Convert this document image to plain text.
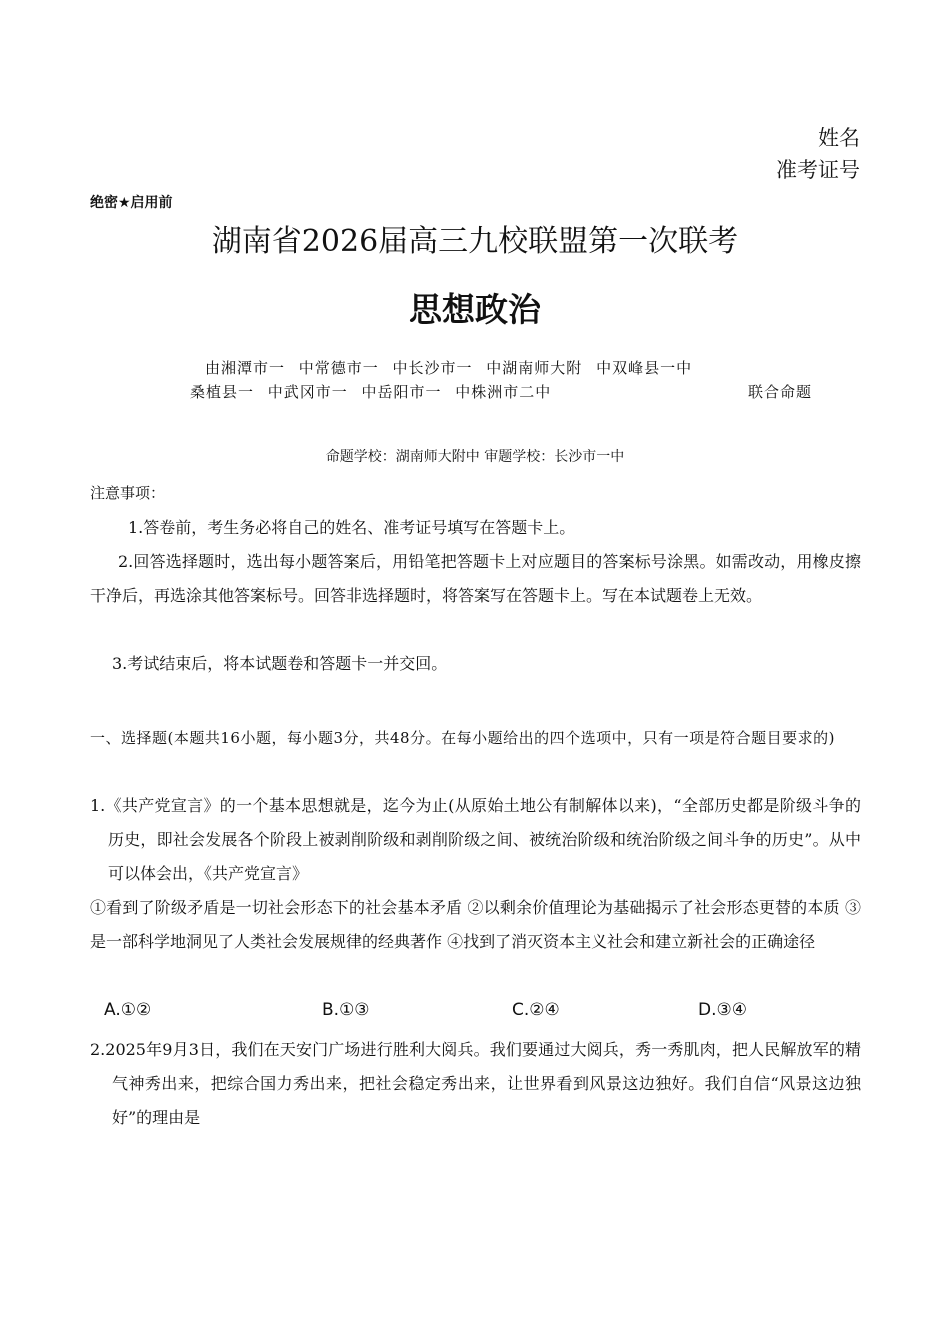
姓名
准考证号
绝密★启用前
湖南省2026届高三九校联盟第一次联考
思想政治
由湘潭市一 中常德市一 中长沙市一 中湖南师大附 中双峰县一中
桑植县一 中武冈市一 中岳阳市一 中株洲市二中	联合命题
命题学校：湖南师大附中 审题学校：长沙市一中
注意事项：

1.答卷前，考生务必将自己的姓名、准考证号填写在答题卡上。

2.回答选择题时，选出每小题答案后，用铅笔把答题卡上对应题目的答案标号涂黑。如需改动，用橡皮擦干净后，再选涂其他答案标号。回答非选择题时，将答案写在答题卡上。写在本试题卷上无效。

3.考试结束后，将本试题卷和答题卡一并交回。

一、选择题(本题共16小题，每小题3分，共48分。在每小题给出的四个选项中，只有一项是符合题目要求的)

1.《共产党宣言》的一个基本思想就是，迄今为止(从原始土地公有制解体以来)，“全部历史都是阶级斗争的历史，即社会发展各个阶段上被剥削阶级和剥削阶级之间、被统治阶级和统治阶级之间斗争的历史”。从中可以体会出，《共产党宣言》

①看到了阶级矛盾是一切社会形态下的社会基本矛盾 ②以剩余价值理论为基础揭示了社会形态更替的本质 ③是一部科学地洞见了人类社会发展规律的经典著作 ④找到了消灭资本主义社会和建立新社会的正确途径

A.①②	B.①③	C.②④	D.③④

2.2025年9月3日，我们在天安门广场进行胜利大阅兵。我们要通过大阅兵，秀一秀肌肉，把人民解放军的精气神秀出来，把综合国力秀出来，把社会稳定秀出来，让世界看到风景这边独好。我们自信“风景这边独好”的理由是
